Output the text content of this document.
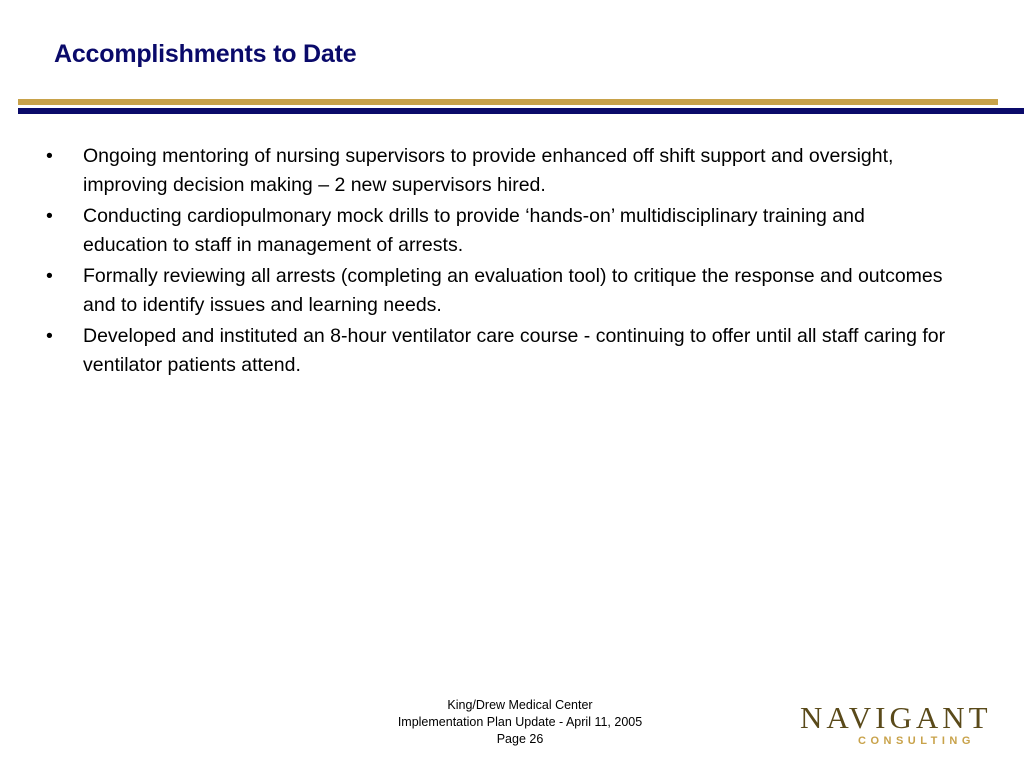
Accomplishments to Date
•	Ongoing mentoring of nursing supervisors to provide enhanced off shift support and oversight, improving decision making – 2 new supervisors hired.
•	Conducting cardiopulmonary mock drills to provide ‘hands-on’ multidisciplinary training and education to staff in management of arrests.
•	Formally reviewing all arrests (completing an evaluation tool) to critique the response and outcomes and to identify issues and learning needs.
•	Developed and instituted an 8-hour ventilator care course - continuing to offer until all staff caring for ventilator patients attend.
King/Drew Medical Center
Implementation Plan Update - April 11, 2005
Page 26
NAVIGANT
CONSULTING
